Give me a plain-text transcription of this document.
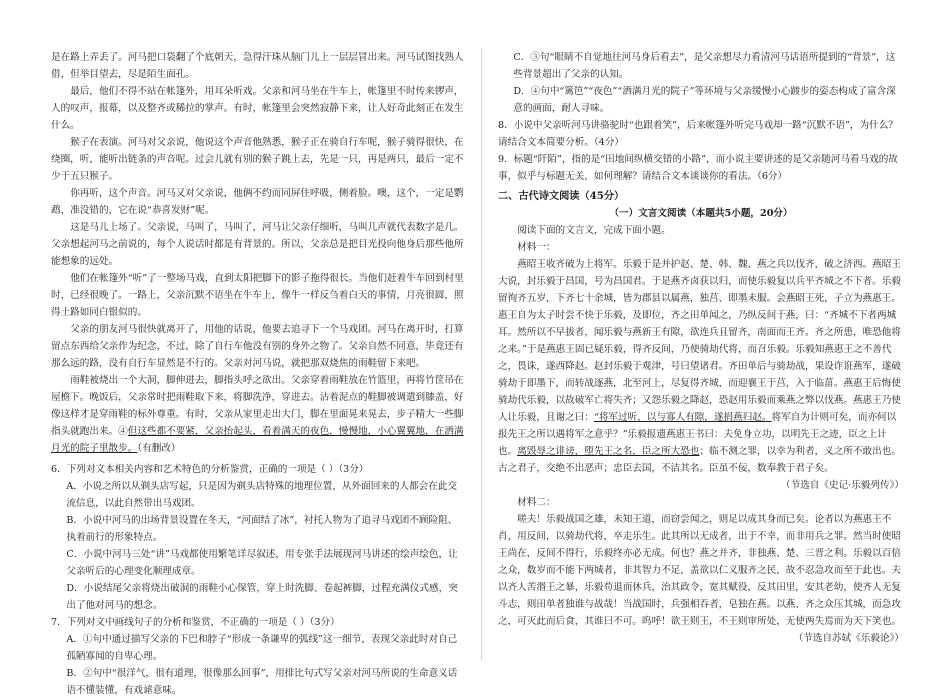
是在路上弄丢了。河马把口袋翻了个底朝天，急得汗珠从脑门儿上一层层冒出来。河马试图找熟人借，但举目望去，尽是陌生面孔。

最后，他们不得不站在帐篷外，用耳朵听戏。父亲和河马坐在牛车上，帐篷里不时传来锣声，人的叹声，报幕，以及整齐或稀拉的掌声。有时，帐篷里会突然寂静下来，让人好奇此刻正在发生什么。

猴子在表演。河马对父亲说，他说这个声音他熟悉，猴子正在骑自行车呢，猴子骑得很快，在绕圈，听，能听出链条的声音呢。过会儿就有别的猴子跳上去，先是一只，再是两只，最后一定不少于五只猴子。

你再听，这个声音。河马又对父亲说，他俩不约而同屏住呼吸，侧着脸。噢，这个，一定是鹦鹉，准没错的，它在说“恭喜发财”呢。

这是马儿上场了。父亲说，马叫了，马叫了，河马让父亲仔细听，马叫几声就代表数字是几。父亲想起河马之前说的，每个人说话时都是有背景的。所以，父亲总是把目光投向他身后那些他所能想象的远处。

他们在帐篷外“听”了一整场马戏，直到太阳把脚下的影子拖得很长。当他们赶着牛车回到村里时，已经很晚了。一路上，父亲沉默不语坐在牛车上，像牛一样反刍着白天的事情，月亮很圆，照得土路如同白银似的。

父亲的朋友河马很快就离开了，用他的话说，他要去追寻下一个马戏团。河马在离开时，打算留点东西给父亲作为纪念，不过，除了自行车他没有别的身外之物了。父亲自然不同意，毕竟还有那么远的路，没有自行车显然是不行的。父亲对河马说，就把那双烧焦的雨鞋留下来吧。

雨鞋被烧出一个大洞，脚伸进去，脚指头呼之欲出。父亲穿着雨鞋放在竹篮里，再将竹筐吊在屋檐下。晚饭后，父亲常时把雨鞋取下来，将脚洗净，穿进去。沾着泥点的鞋脚被调遣到膝盖，好像这样才是穿雨鞋的标外尊重。有时，父亲从家里走出大门，脚在里面晃来晃去，步子精大一些脚指头就跑出来。④但这些都不要紧，父亲抬起头，看着满天的夜色，慢慢地，小心翼翼地，在洒满月光的院子里散步。（有删改）

6．下列对文本相关内容和艺术特色的分析鉴赏，正确的一项是（ ）（3分）

A．小说之所以从剃头店写起，只是因为剃头店特殊的地理位置，从外面回来的人都会在此交流信息，以此自然带出马戏团。

B．小说中河马的出场背景设置在冬天，“河面结了冰”，衬托人物为了追寻马戏团不顾险阻、执着前行的形象特点。

C．小说中河马三处“讲”马戏都使用繁笔详尽叙述，用专张手法展现河马讲述的绘声绘色，让父亲听后的心理变化顺理成章。

D．小说结尾父亲将烧出破洞的雨鞋小心保管，穿上时洗脚、卷起裤脚，过程充满仪式感，突出了他对河马的想念。

7．下列对文中画线句子的分析和鉴赏，不正确的一项是（ ）（3分）

A．①句中通过描写父亲的下巴和脖子“形成一条谦卑的弧线”这一细节，表现父亲此时对自己孤陋寡闻的自卑心理。

B．②句中“很洋气，很有道理，很像那么回事”，用排比句式写父亲对河马所说的生命意义话语不懂装懂，有戏谑意味。

C．③句“眼睛不自觉地往河马身后看去”，是父亲想尽力看清河马话语所提到的“背景”，这些背景超出了父亲的认知。

D．④句中“篱笆”“夜色”“洒满月光的院子”等环境与父亲缓慢小心踱步的姿态构成了富含深意的画面，耐人寻味。

8．小说中父亲听河马讲骆驼时“也跟着笑”，后来帐篷外听完马戏却一路“沉默不语”，为什么？请结合文本简要分析。（4分）

9．标题“阡陌”，指的是“田地间纵横交错的小路”，而小说主要讲述的是父亲随河马看马戏的故事，似乎与标题无关，如何理解？请结合文本谈谈你的看法。（6分）

二、古代诗文阅读（45分）

（一）文言文阅读（本题共5小题，20分）

阅读下面的文言文，完成下面小题。

材料一：

燕昭王收齐破为上将军。乐毅于是并护赵、楚、韩、魏、燕之兵以伐齐，破之济西。燕昭王大说，封乐毅于昌国，号为昌国君。于是燕齐卤获以归，而使乐毅复以兵平齐城之不下者。乐毅留徇齐五岁，下齐七十余城，皆为郡县以属燕，独莒、即墨未服。会燕昭王死，子立为燕惠王。惠王自为太子时尝不快于乐毅，及即位，齐之田单闻之，乃纵反间于燕，曰：“齐城不下者两城耳。然所以不早拔者，闻乐毅与燕新王有隙，欲连兵且留齐，南面而王齐。齐之所患，唯恐他将之来。”于是燕惠王固已疑乐毅，得齐反间，乃使骑劫代将，而召乐毅。乐毅知燕惠王之不善代之，畏诛，遂西降赵。赵封乐毅于观津，号曰望诸君。齐田单后与骑劫战，果设诈诳燕军，遂破骑劫于即墨下，而转战逐燕，北至河上，尽复得齐城，而迎襄王于莒，入于临菑。燕惠王后悔使骑劫代乐毅，以故破军亡将失齐；又怨乐毅之降赵，恐赵用乐毅而乘燕之弊以伐燕。燕惠王乃使人让乐毅，且谢之曰：“将军过听，以与寡人有隙，遂捐燕归赵。将军自为计则可矣，而亦何以报先王之所以遇将军之意乎？”乐毅报遗燕惠王书曰：夫免身立功，以明先王之迹，臣之上计也。离毁辱之诽谤，堕先王之名，臣之所大恐也；临不测之罪，以幸为利者，义之所不敢出也。古之君子，交绝不出恶声；忠臣去国，不洁其名。臣虽不佞，数奉教于君子矣。

（节选自《史记·乐毅列传》）

材料二：

嗟夫！乐毅战国之雄，未知王道，而窃尝闻之，则足以成其身而已矣。论者以为燕惠王不肖，用反间，以骑劫代将，卒走乐生。此其所以无成者，出于不幸，而非用兵之罪。然当时使昭王尚在，反间不得行，乐毅终亦必无成。何也？燕之并齐，非独燕、楚、三晋之利。乐毅以百倍之众，数岁而不能下两城者，非其智力不足，盖欲以仁义服齐之民，故不忍急攻而至于此也。夫以齐人苦湣王之暴，乐毅苟退而休兵，治其政令，宽其赋役，反其田里，安其老幼，使齐人无复斗志，则田单者独谁与战哉！当战国时，兵强相吞者，皂独在燕。以燕、齐之众压其城，而急攻之，可灭此而后食，其谁曰不可。呜呼！欲王则王，不王则审所处，无使两失焉而为天下笑也。

（节选自苏轼《乐毅论》）
